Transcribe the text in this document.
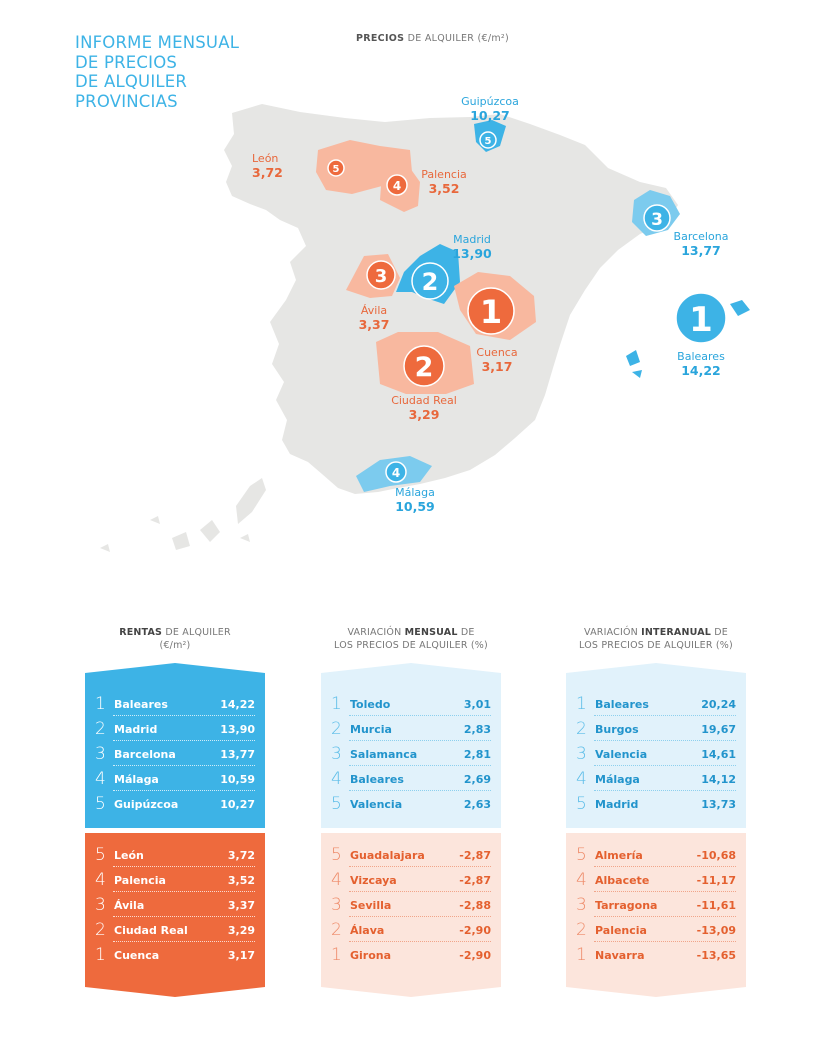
INFORME MENSUAL
DE PRECIOS
DE ALQUILER
PROVINCIAS
PRECIOS DE ALQUILER (€/m²)
5
5
4
3
2
3
1	1
2
4
Guipúzcoa
10,27
León
3,72	Palencia
3,52
Barcelona
13,77
Madrid
13,90
Ávila
3,37
Cuenca
3,17
Baleares
14,22
Ciudad Real
3,29
Málaga
10,59
RENTAS DE ALQUILER
(€/m²)
VARIACIÓN MENSUAL DE
LOS PRECIOS DE ALQUILER (%)
VARIACIÓN INTERANUAL DE
LOS PRECIOS DE ALQUILER (%)
1 Baleares	14,22
2 Madrid	13,90
3 Barcelona	13,77
4 Málaga	10,59
5 Guipúzcoa	10,27
5 León	3,72
4 Palencia	3,52
3 Ávila	3,37
2 Ciudad Real	3,29
1 Cuenca	3,17
1 Toledo	3,01
2 Murcia	2,83
3 Salamanca	2,81
4 Baleares	2,69
5 Valencia	2,63
5 Guadalajara	-2,87
4 Vizcaya	-2,87
3 Sevilla	-2,88
2 Álava	-2,90
1 Girona	-2,90
1 Baleares	20,24
2 Burgos	19,67
3 Valencia	14,61
4 Málaga	14,12
5 Madrid	13,73
5 Almería	-10,68
4 Albacete	-11,17
3 Tarragona	-11,61
2 Palencia	-13,09
1 Navarra	-13,65
